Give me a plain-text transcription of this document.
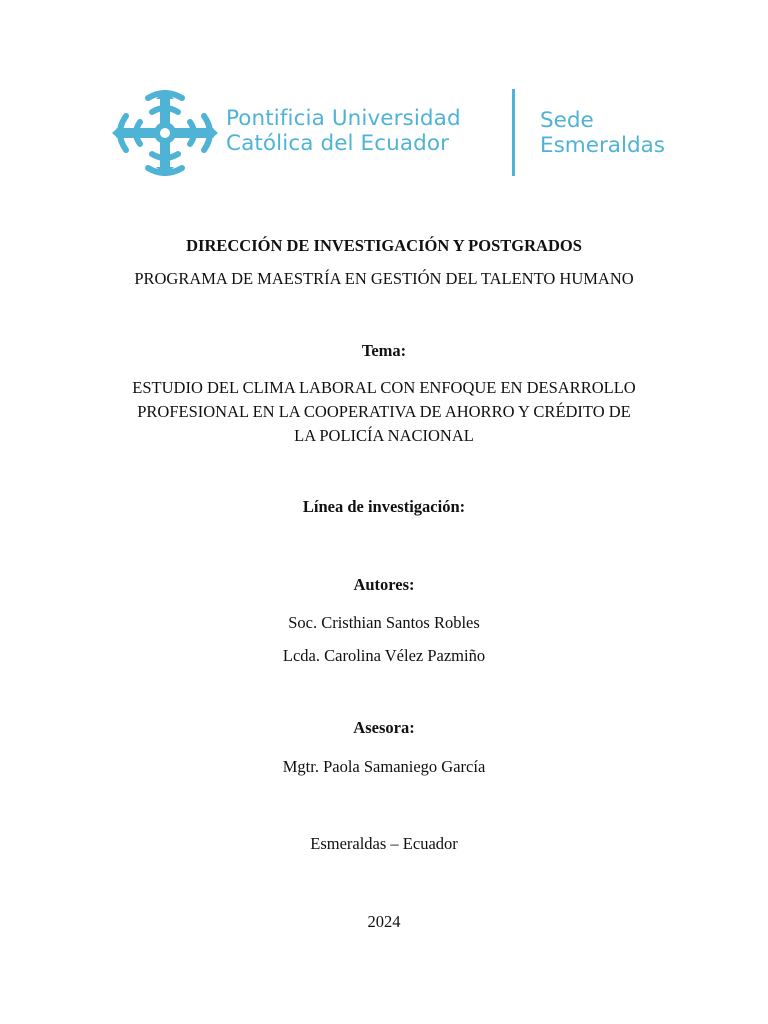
Pontificia Universidad
Católica del Ecuador
Sede
Esmeraldas
DIRECCIÓN DE INVESTIGACIÓN Y POSTGRADOS
PROGRAMA DE MAESTRÍA EN GESTIÓN DEL TALENTO HUMANO
Tema:
ESTUDIO DEL CLIMA LABORAL CON ENFOQUE EN DESARROLLO
PROFESIONAL EN LA COOPERATIVA DE AHORRO Y CRÉDITO DE
LA POLICÍA NACIONAL
Línea de investigación:
Autores:
Soc. Cristhian Santos Robles
Lcda. Carolina Vélez Pazmiño
Asesora:
Mgtr. Paola Samaniego García
Esmeraldas – Ecuador
2024
